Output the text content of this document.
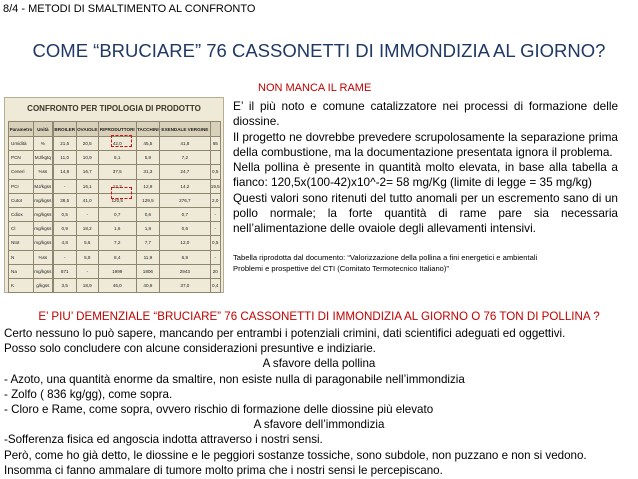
8/4 - METODI DI SMALTIMENTO AL CONFRONTO
COME “BRUCIARE” 76 CASSONETTI DI IMMONDIZIA AL GIORNO?
CONFRONTO PER TIPOLOGIA DI PRODOTTO
Parametro	Unità		BROILER	OVAIOLE	RIPRODUTTORI	TACCHINI	EXENDALE VERGINE	
Umidità	%		21,5	20,5	42,0	45,5	41,8	65
PCN	MJ/kgtq		11,0	10,9	6,1	5,9	7,2	
Ceneri	%ss		14,8	16,7	37,5	31,3	24,7	0,5
PCI	MJ/kgss		-	16,1	12,3	12,9	14,2	19,5
Cutot	mg/kgss		38,5	41,0	120,5	129,5	276,7	2,0
Cdiox	mg/kgss		0,5	-	0,7	0,6	0,7	-
Cl	mg/kgss		0,9	18,2	1,6	1,8	0,6	-
Ntot	mg/kgss		4,8	5,6	7,2	7,7	12,0	0,5
N	%ss		-	5,9	8,4	11,9	6,9	-
Na	mg/kgss		871	-	1999	1806	2943	20
K	g/kgss		3,5	18,9	46,0	40,9	37,0	0,4
NON MANCA IL RAME

E’ il più noto e comune catalizzatore nei processi di formazione delle diossine.

Il progetto ne dovrebbe prevedere scrupolosamente la separazione prima della combustione, ma la documentazione presentata ignora il problema.

Nella pollina è presente in quantità molto elevata, in base alla tabella a fianco: 120,5x(100-42)x10^-2= 58 mg/Kg (limite di legge = 35 mg/kg)

Questi valori sono ritenuti del tutto anomali per un escremento sano di un pollo normale; la forte quantità di rame pare sia necessaria nell’alimentazione delle ovaiole degli allevamenti intensivi.

Tabella riprodotta dal documento: “Valorizzazione della pollina a fini energetici e ambientali
Problemi e prospettive del CTI (Comitato Termotecnico Italiano)”
E’ PIU’ DEMENZIALE “BRUCIARE” 76 CASSONETTI DI IMMONDIZIA AL GIORNO O 76 TON DI POLLINA ?
Certo nessuno lo può sapere, mancando per entrambi i potenziali crimini, dati scientifici adeguati ed oggettivi.
Posso solo concludere con alcune considerazioni presuntive e indiziarie.
A sfavore della pollina
- Azoto, una quantità enorme da smaltire, non esiste nulla di paragonabile nell’immondizia
- Zolfo ( 836 kg/gg), come sopra.
- Cloro e Rame, come sopra, ovvero rischio di formazione delle diossine più elevato
A sfavore dell’immondizia
-Sofferenza fisica ed angoscia indotta attraverso i nostri sensi.
Però, come ho già detto, le diossine e le peggiori sostanze tossiche, sono subdole, non puzzano e non si vedono.
Insomma ci fanno ammalare di tumore molto prima che i nostri sensi le percepiscano.
